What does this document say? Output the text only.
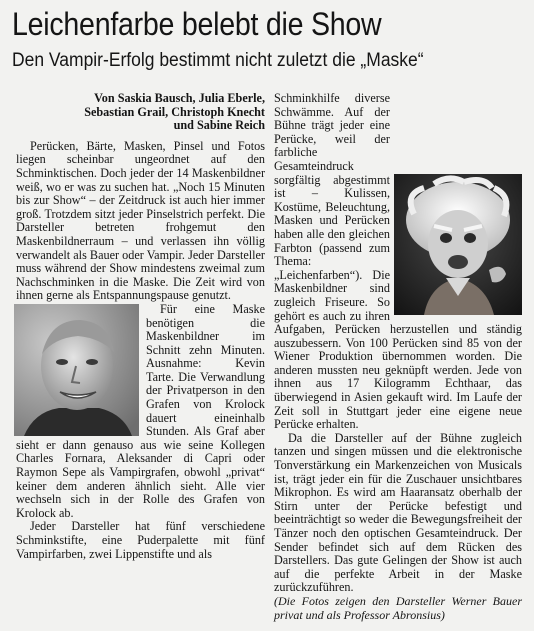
Leichenfarbe belebt die Show
Den Vampir-Erfolg bestimmt nicht zuletzt die „Maske“
Von Saskia Bausch, Julia Eberle,
Sebastian Grail, Christoph Knecht
und Sabine Reich

Perücken, Bärte, Masken, Pinsel und Fotos liegen scheinbar ungeordnet auf den Schminktischen. Doch jeder der 14 Maskenbildner weiß, wo er was zu suchen hat. „Noch 15 Minuten bis zur Show“ – der Zeitdruck ist auch hier immer groß. Trotzdem sitzt jeder Pinselstrich perfekt. Die Darsteller betreten frohgemut den Maskenbildnerraum – und verlassen ihn völlig verwandelt als Bauer oder Vampir. Jeder Darsteller muss während der Show mindestens zweimal zum Nachschminken in die Maske. Die Zeit wird von ihnen gerne als Entspannungspause genutzt.

Für eine Maske benötigen die Maskenbildner im Schnitt zehn Minuten. Ausnahme: Kevin Tarte. Die Verwandlung der Privatperson in den Grafen von Krolock dauert eineinhalb Stunden. Als Graf aber sieht er dann genauso aus wie seine Kollegen Charles Fornara, Aleksander di Capri oder Raymon Sepe als Vampirgrafen, obwohl „privat“ keiner dem anderen ähnlich sieht. Alle vier wechseln sich in der Rolle des Grafen von Krolock ab.

Jeder Darsteller hat fünf verschiedene Schminkstifte, eine Puderpalette mit fünf Vampirfarben, zwei Lippenstifte und als

Schminkhilfe diverse Schwämme. Auf der Bühne trägt jeder eine Perücke, weil der farbliche Gesamteindruck sorgfältig abgestimmt ist – Kulissen, Kostüme, Beleuchtung, Masken und Perücken haben alle den gleichen Farbton (passend zum Thema: „Leichenfarben“). Die Maskenbildner sind zugleich Friseure. So gehört es auch zu ihren Aufgaben, Perücken herzustellen und ständig auszubessern. Von 100 Perücken sind 85 von der Wiener Produktion übernommen worden. Die anderen mussten neu geknüpft werden. Jede von ihnen aus 17 Kilogramm Echthaar, das überwiegend in Asien gekauft wird. Im Laufe der Zeit soll in Stuttgart jeder eine eigene neue Perücke erhalten.

Da die Darsteller auf der Bühne zugleich tanzen und singen müssen und die elektronische Tonverstärkung ein Markenzeichen von Musicals ist, trägt jeder ein für die Zuschauer unsichtbares Mikrophon. Es wird am Haaransatz oberhalb der Stirn unter der Perücke befestigt und beeinträchtigt so weder die Bewegungsfreiheit der Tänzer noch den optischen Gesamteindruck. Der Sender befindet sich auf dem Rücken des Darstellers. Das gute Gelingen der Show ist auch auf die perfekte Arbeit in der Maske zurückzuführen.

(Die Fotos zeigen den Darsteller Werner Bauer privat und als Professor Abronsius)
